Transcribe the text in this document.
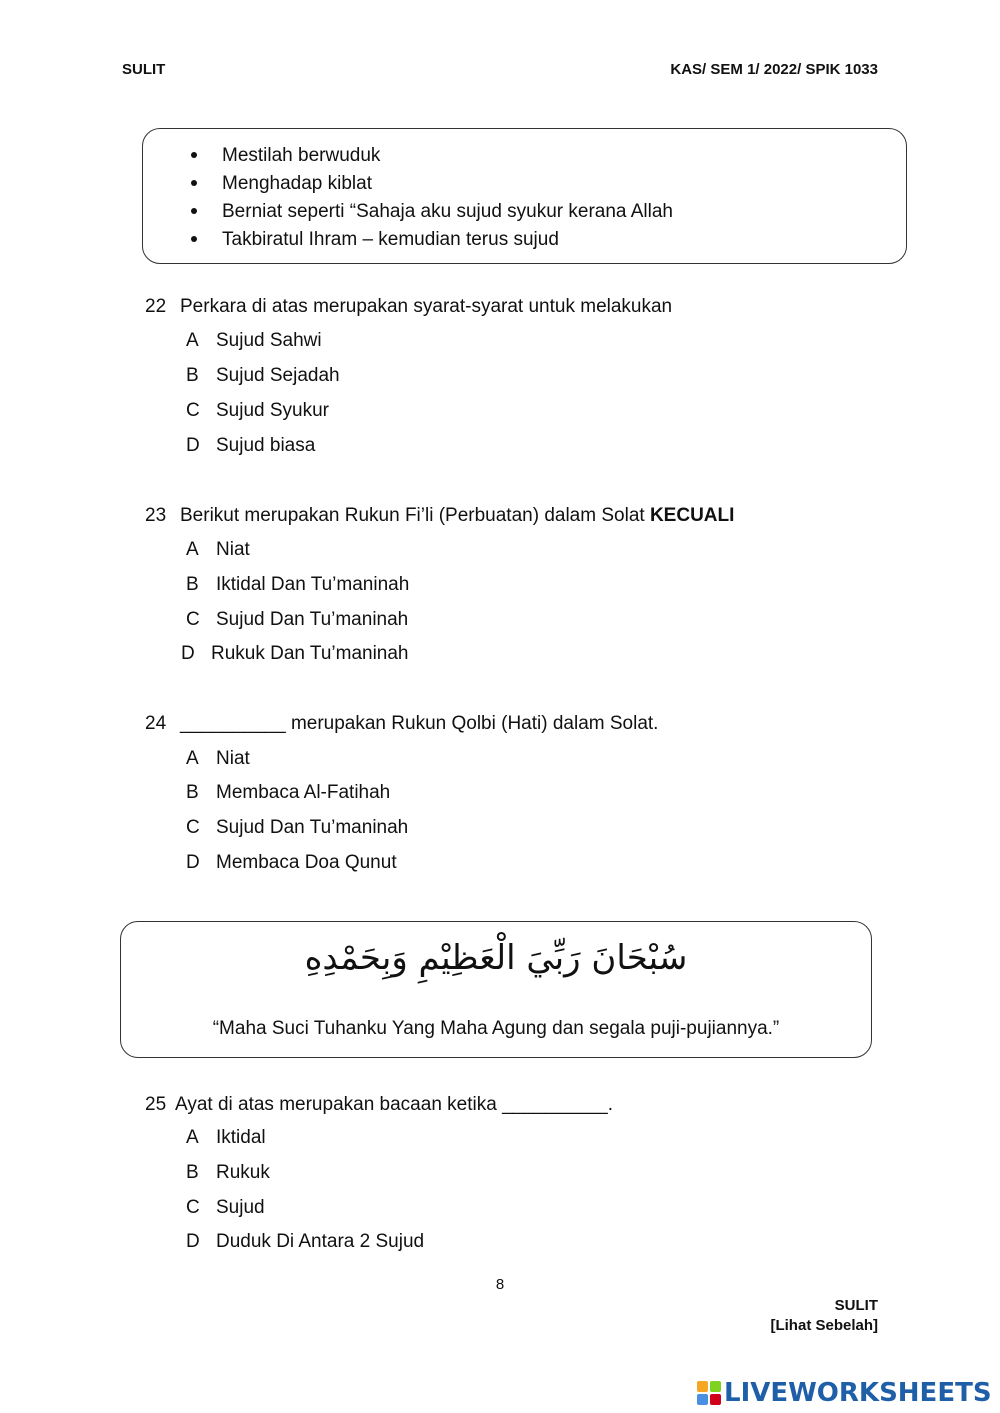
SULIT	KAS/ SEM 1/ 2022/ SPIK 1033
Mestilah berwuduk
Menghadap kiblat
Berniat seperti “Sahaja aku sujud syukur kerana Allah
Takbiratul Ihram – kemudian terus sujud
22 Perkara di atas merupakan syarat-syarat untuk melakukan
A Sujud Sahwi
B Sujud Sejadah
C Sujud Syukur
D Sujud biasa
23 Berikut merupakan Rukun Fi’li (Perbuatan) dalam Solat KECUALI
A Niat
B Iktidal Dan Tu’maninah
C Sujud Dan Tu’maninah
D Rukuk Dan Tu’maninah
24 __________ merupakan Rukun Qolbi (Hati) dalam Solat.
A Niat
B Membaca Al-Fatihah
C Sujud Dan Tu’maninah
D Membaca Doa Qunut
سُبْحَانَ رَبِّيَ الْعَظِيْمِ وَبِحَمْدِهِ
“Maha Suci Tuhanku Yang Maha Agung dan segala puji-pujiannya.”
25 Ayat di atas merupakan bacaan ketika __________.
A Iktidal
B Rukuk
C Sujud
D Duduk Di Antara 2 Sujud
8
SULIT
[Lihat Sebelah]
LIVEWORKSHEETS
